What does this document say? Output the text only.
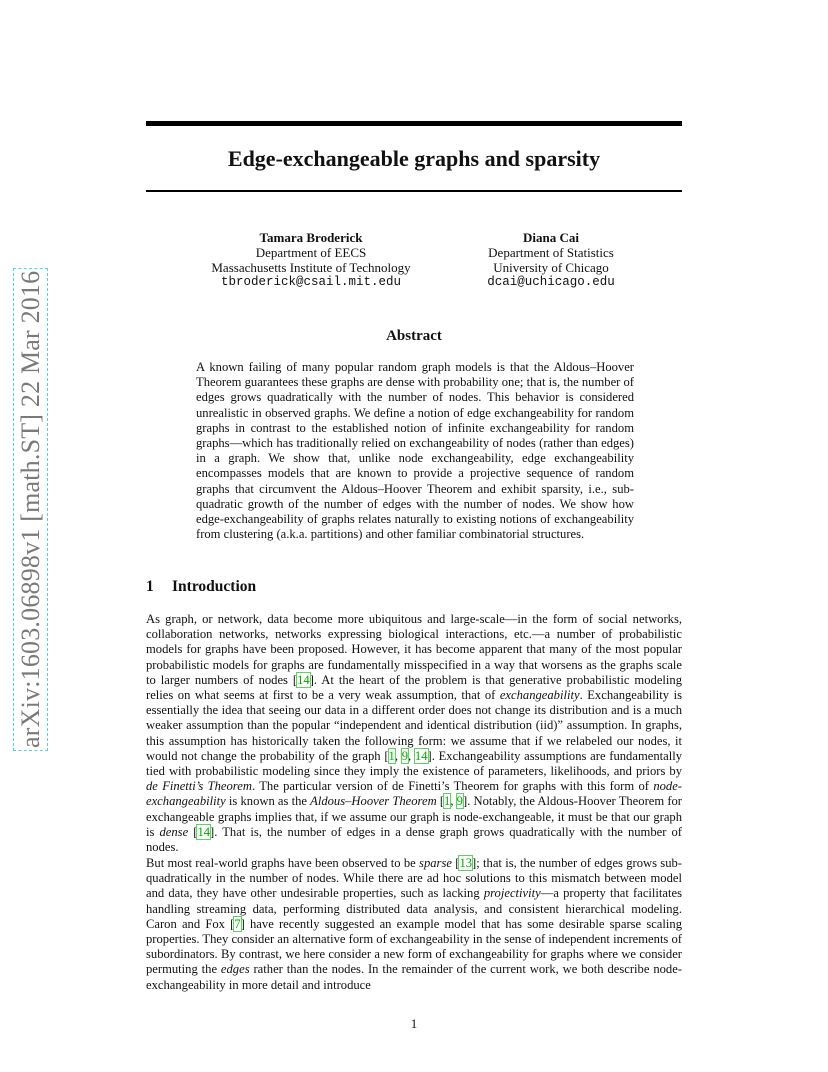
arXiv:1603.06898v1 [math.ST] 22 Mar 2016
Edge-exchangeable graphs and sparsity
Tamara Broderick
Department of EECS
Massachusetts Institute of Technology
tbroderick@csail.mit.edu
Diana Cai
Department of Statistics
University of Chicago
dcai@uchicago.edu
Abstract
A known failing of many popular random graph models is that the Aldous–Hoover Theorem guarantees these graphs are dense with probability one; that is, the number of edges grows quadratically with the number of nodes. This behavior is considered unrealistic in observed graphs. We define a notion of edge exchangeability for random graphs in contrast to the established notion of infinite exchangeability for random graphs—which has traditionally relied on exchangeability of nodes (rather than edges) in a graph. We show that, unlike node exchangeability, edge exchangeability encompasses models that are known to provide a projective sequence of random graphs that circumvent the Aldous–Hoover Theorem and exhibit sparsity, i.e., sub-quadratic growth of the number of edges with the number of nodes. We show how edge-exchangeability of graphs relates naturally to existing notions of exchangeability from clustering (a.k.a. partitions) and other familiar combinatorial structures.
1 Introduction
As graph, or network, data become more ubiquitous and large-scale—in the form of social networks, collaboration networks, networks expressing biological interactions, etc.—a number of probabilistic models for graphs have been proposed. However, it has become apparent that many of the most popular probabilistic models for graphs are fundamentally misspecified in a way that worsens as the graphs scale to larger numbers of nodes [14]. At the heart of the problem is that generative probabilistic modeling relies on what seems at first to be a very weak assumption, that of exchangeability. Exchangeability is essentially the idea that seeing our data in a different order does not change its distribution and is a much weaker assumption than the popular “independent and identical distribution (iid)” assumption. In graphs, this assumption has historically taken the following form: we assume that if we relabeled our nodes, it would not change the probability of the graph [1, 9, 14]. Exchangeability assumptions are fundamentally tied with probabilistic modeling since they imply the existence of parameters, likelihoods, and priors by de Finetti’s Theorem. The particular version of de Finetti’s Theorem for graphs with this form of node-exchangeability is known as the Aldous–Hoover Theorem [1, 9]. Notably, the Aldous-Hoover Theorem for exchangeable graphs implies that, if we assume our graph is node-exchangeable, it must be that our graph is dense [14]. That is, the number of edges in a dense graph grows quadratically with the number of nodes.
But most real-world graphs have been observed to be sparse [13]; that is, the number of edges grows sub-quadratically in the number of nodes. While there are ad hoc solutions to this mismatch between model and data, they have other undesirable properties, such as lacking projectivity—a property that facilitates handling streaming data, performing distributed data analysis, and consistent hierarchical modeling. Caron and Fox [7] have recently suggested an example model that has some desirable sparse scaling properties. They consider an alternative form of exchangeability in the sense of independent increments of subordinators. By contrast, we here consider a new form of exchangeability for graphs where we consider permuting the edges rather than the nodes. In the remainder of the current work, we both describe node-exchangeability in more detail and introduce
1
